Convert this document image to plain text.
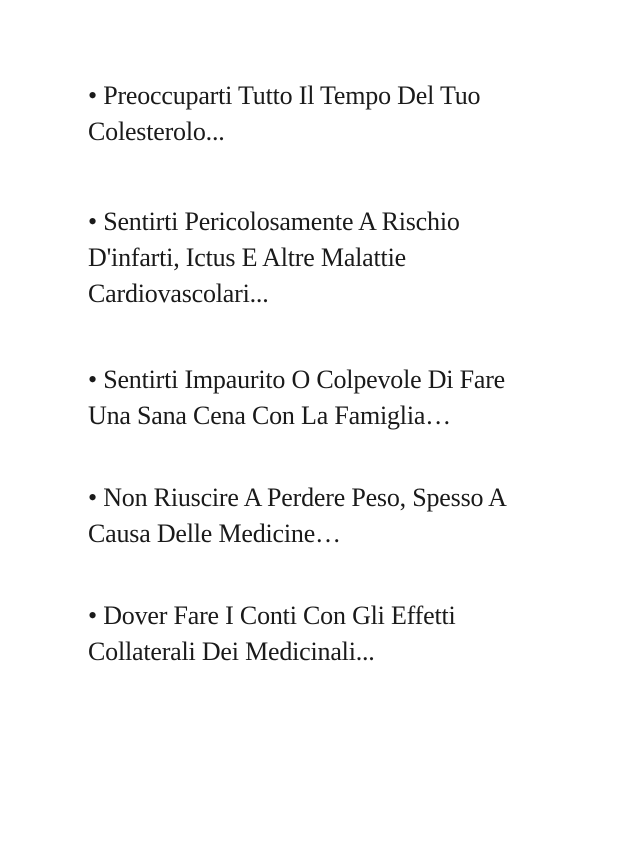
• Preoccuparti Tutto Il Tempo Del Tuo
Colesterolo...
• Sentirti Pericolosamente A Rischio
D'infarti, Ictus E Altre Malattie
Cardiovascolari...
• Sentirti Impaurito O Colpevole Di Fare
Una Sana Cena Con La Famiglia…
• Non Riuscire A Perdere Peso, Spesso A
Causa Delle Medicine…
• Dover Fare I Conti Con Gli Effetti
Collaterali Dei Medicinali...
